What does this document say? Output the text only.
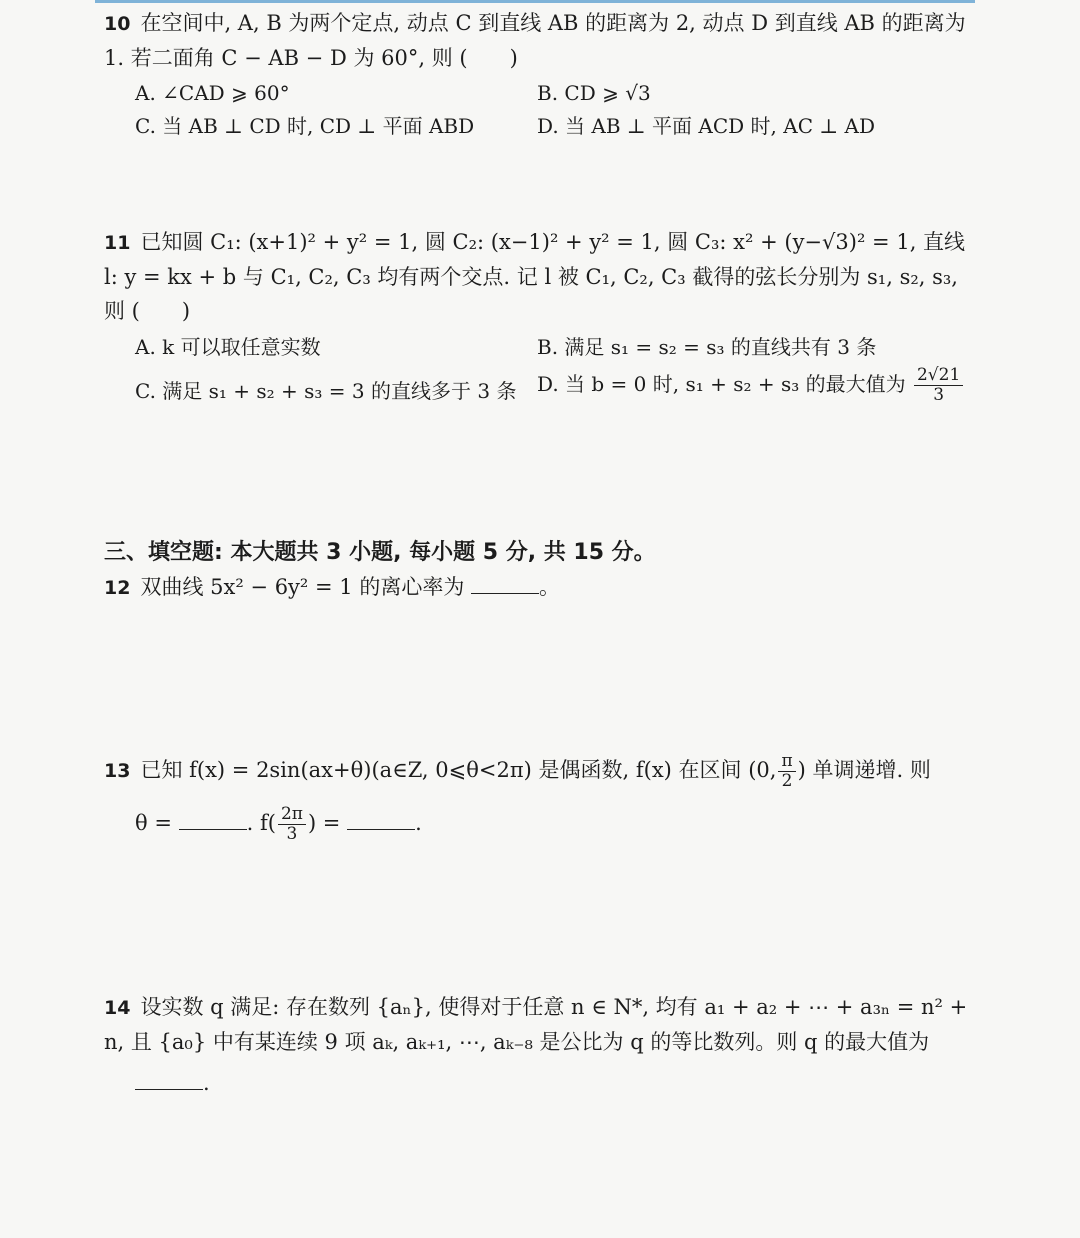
10 在空间中, A, B 为两个定点, 动点 C 到直线 AB 的距离为 2, 动点 D 到直线 AB 的距离为 1. 若二面角 C − AB − D 为 60°, 则 (　　)
A. ∠CAD ⩾ 60°	B. CD ⩾ √3
C. 当 AB ⊥ CD 时, CD ⊥ 平面 ABD	D. 当 AB ⊥ 平面 ACD 时, AC ⊥ AD
11 已知圆 C₁: (x+1)² + y² = 1, 圆 C₂: (x−1)² + y² = 1, 圆 C₃: x² + (y−√3)² = 1, 直线 l: y = kx + b 与 C₁, C₂, C₃ 均有两个交点. 记 l 被 C₁, C₂, C₃ 截得的弦长分别为 s₁, s₂, s₃, 则 (　　)
A. k 可以取任意实数	B. 满足 s₁ = s₂ = s₃ 的直线共有 3 条
C. 满足 s₁ + s₂ + s₃ = 3 的直线多于 3 条 D. 当 b = 0 时, s₁ + s₂ + s₃ 的最大值为 $\frac{2√21}{3}$
三、填空题: 本大题共 3 小题, 每小题 5 分, 共 15 分。
12 双曲线 5x² − 6y² = 1 的离心率为	。
13 已知 f(x) = 2sin(ax+θ)(a∈Z, 0⩽θ<2π) 是偶函数, f(x) 在区间 (0, $\frac{\pi}{2}$ ) 单调递增. 则
θ =	. $f( \frac{2\pi}{3}$ ) =	.
14 设实数 q 满足: 存在数列 {aₙ}, 使得对于任意 n ∈ N*, 均有 a₁ + a₂ + ⋯ + a₃ₙ = n² + n, 且 {a₀} 中有某连续 9 项 aₖ, aₖ₊₁, ⋯, aₖ₋₈ 是公比为 q 的等比数列。则 q 的最大值为
.
